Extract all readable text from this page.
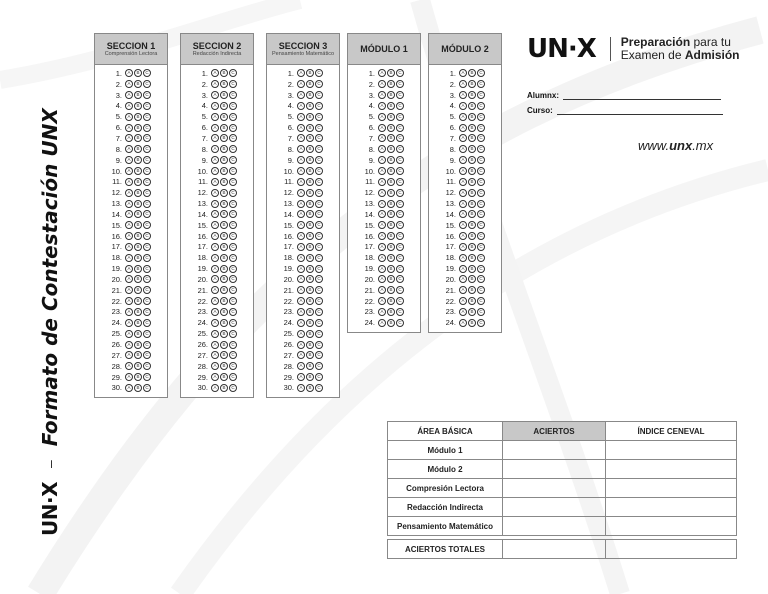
UN·X
–
Formato de Contestación UNX
SECCION 1
Comprensión Lectora
1.	A	B	C
2.	A	B	C
3.	A	B	C
4.	A	B	C
5.	A	B	C
6.	A	B	C
7.	A	B	C
8.	A	B	C
9.	A	B	C
10.	A	B	C
11.	A	B	C
12.	A	B	C
13.	A	B	C
14.	A	B	C
15.	A	B	C
16.	A	B	C
17.	A	B	C
18.	A	B	C
19.	A	B	C
20.	A	B	C
21.	A	B	C
22.	A	B	C
23.	A	B	C
24.	A	B	C
25.	A	B	C
26.	A	B	C
27.	A	B	C
28.	A	B	C
29.	A	B	C
30.	A	B	C
SECCION 2
Redacción Indirecta
1.	A	B	C
2.	A	B	C
3.	A	B	C
4.	A	B	C
5.	A	B	C
6.	A	B	C
7.	A	B	C
8.	A	B	C
9.	A	B	C
10.	A	B	C
11.	A	B	C
12.	A	B	C
13.	A	B	C
14.	A	B	C
15.	A	B	C
16.	A	B	C
17.	A	B	C
18.	A	B	C
19.	A	B	C
20.	A	B	C
21.	A	B	C
22.	A	B	C
23.	A	B	C
24.	A	B	C
25.	A	B	C
26.	A	B	C
27.	A	B	C
28.	A	B	C
29.	A	B	C
30.	A	B	C
SECCION 3
Pensamiento Matemático
1.	A	B	C
2.	A	B	C
3.	A	B	C
4.	A	B	C
5.	A	B	C
6.	A	B	C
7.	A	B	C
8.	A	B	C
9.	A	B	C
10.	A	B	C
11.	A	B	C
12.	A	B	C
13.	A	B	C
14.	A	B	C
15.	A	B	C
16.	A	B	C
17.	A	B	C
18.	A	B	C
19.	A	B	C
20.	A	B	C
21.	A	B	C
22.	A	B	C
23.	A	B	C
24.	A	B	C
25.	A	B	C
26.	A	B	C
27.	A	B	C
28.	A	B	C
29.	A	B	C
30.	A	B	C
MÓDULO 1
1.	A	B	C
2.	A	B	C
3.	A	B	C
4.	A	B	C
5.	A	B	C
6.	A	B	C
7.	A	B	C
8.	A	B	C
9.	A	B	C
10.	A	B	C
11.	A	B	C
12.	A	B	C
13.	A	B	C
14.	A	B	C
15.	A	B	C
16.	A	B	C
17.	A	B	C
18.	A	B	C
19.	A	B	C
20.	A	B	C
21.	A	B	C
22.	A	B	C
23.	A	B	C
24.	A	B	C
MÓDULO 2
1.	A	B	C
2.	A	B	C
3.	A	B	C
4.	A	B	C
5.	A	B	C
6.	A	B	C
7.	A	B	C
8.	A	B	C
9.	A	B	C
10.	A	B	C
11.	A	B	C
12.	A	B	C
13.	A	B	C
14.	A	B	C
15.	A	B	C
16.	A	B	C
17.	A	B	C
18.	A	B	C
19.	A	B	C
20.	A	B	C
21.	A	B	C
22.	A	B	C
23.	A	B	C
24.	A	B	C
UN·X Preparación para tu
Examen de Admisión
Alumnx:
Curso:
www.unx.mx
ÁREA BÁSICA	ACIERTOS	ÍNDICE CENEVAL
Módulo 1		
Módulo 2		
Compresión Lectora		
Redacción Indirecta		
Pensamiento Matemático		

ACIERTOS TOTALES		
